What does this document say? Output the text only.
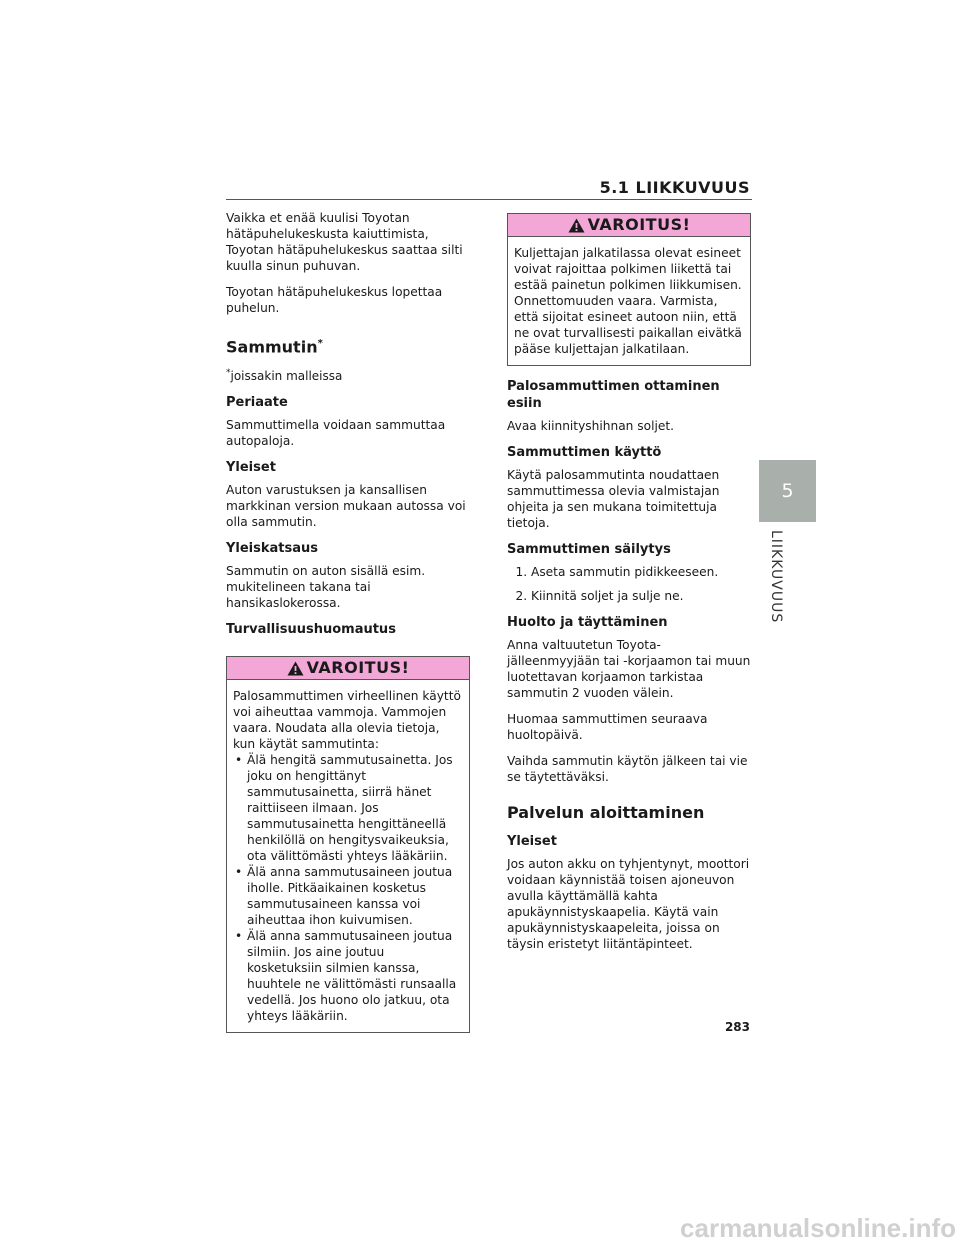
5.1 LIIKKUVUUS

Vaikka et enää kuulisi Toyotan hätäpuhelukeskusta kaiuttimista, Toyotan hätäpuhelukeskus saattaa silti kuulla sinun puhuvan.

Toyotan hätäpuhelukeskus lopettaa puhelun.

Sammutin*
*joissakin malleissa
Periaate

Sammuttimella voidaan sammuttaa autopaloja.

Yleiset

Auton varustuksen ja kansallisen markkinan version mukaan autossa voi olla sammutin.

Yleiskatsaus

Sammutin on auton sisällä esim. mukitelineen takana tai hansikaslokerossa.

Turvallisuushuomautus
VAROITUS!

Palosammuttimen virheellinen käyttö voi aiheuttaa vammoja. Vammojen vaara. Noudata alla olevia tietoja, kun käytät sammutinta:

• Älä hengitä sammutusainetta. Jos joku on hengittänyt sammutusainetta, siirrä hänet raittiiseen ilmaan. Jos sammutusainetta hengittäneellä henkilöllä on hengitysvaikeuksia, ota välittömästi yhteys lääkäriin.
• Älä anna sammutusaineen joutua iholle. Pitkäaikainen kosketus sammutusaineen kanssa voi aiheuttaa ihon kuivumisen.
• Älä anna sammutusaineen joutua silmiin. Jos aine joutuu kosketuksiin silmien kanssa, huuhtele ne välittömästi runsaalla vedellä. Jos huono olo jatkuu, ota yhteys lääkäriin.
VAROITUS!

Kuljettajan jalkatilassa olevat esineet voivat rajoittaa polkimen liikettä tai estää painetun polkimen liikkumisen. Onnettomuuden vaara. Varmista, että sijoitat esineet autoon niin, että ne ovat turvallisesti paikallan eivätkä pääse kuljettajan jalkatilaan.

Palosammuttimen ottaminen esiin

Avaa kiinnityshihnan soljet.

Sammuttimen käyttö

Käytä palosammutinta noudattaen sammuttimessa olevia valmistajan ohjeita ja sen mukana toimitettuja tietoja.

Sammuttimen säilytys
1. Aseta sammutin pidikkeeseen.
2. Kiinnitä soljet ja sulje ne.
Huolto ja täyttäminen

Anna valtuutetun Toyota-jälleenmyyjään tai -korjaamon tai muun luotettavan korjaamon tarkistaa sammutin 2 vuoden välein.

Huomaa sammuttimen seuraava huoltopäivä.

Vaihda sammutin käytön jälkeen tai vie se täytettäväksi.

Palvelun aloittaminen
Yleiset

Jos auton akku on tyhjentynyt, moottori voidaan käynnistää toisen ajoneuvon avulla käyttämällä kahta apukäynnistyskaapelia. Käytä vain apukäynnistyskaapeleita, joissa on täysin eristetyt liitäntäpinteet.

5
LIIKKUVUUS
283
carmanualsonline.info
